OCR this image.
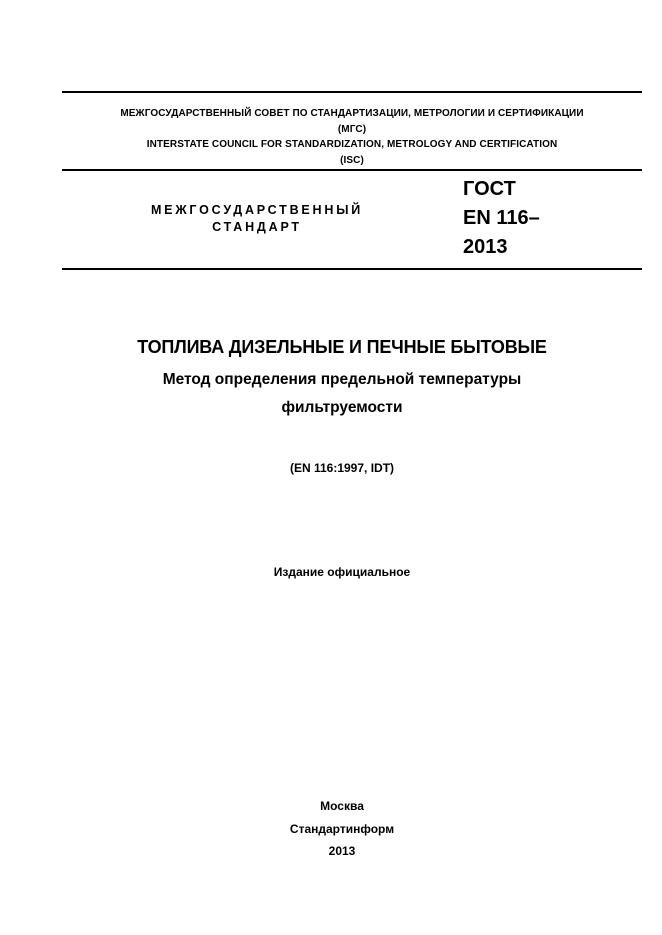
МЕЖГОСУДАРСТВЕННЫЙ СОВЕТ ПО СТАНДАРТИЗАЦИИ, МЕТРОЛОГИИ И СЕРТИФИКАЦИИ
(МГС)
INTERSTATE COUNCIL FOR STANDARDIZATION, METROLOGY AND CERTIFICATION
(ISC)
МЕЖГОСУДАРСТВЕННЫЙ
СТАНДАРТ
ГОСТ
EN 116–
2013
ТОПЛИВА ДИЗЕЛЬНЫЕ И ПЕЧНЫЕ БЫТОВЫЕ
Метод определения предельной температуры
фильтруемости
(EN 116:1997, IDT)
Издание официальное
Москва
Стандартинформ
2013
